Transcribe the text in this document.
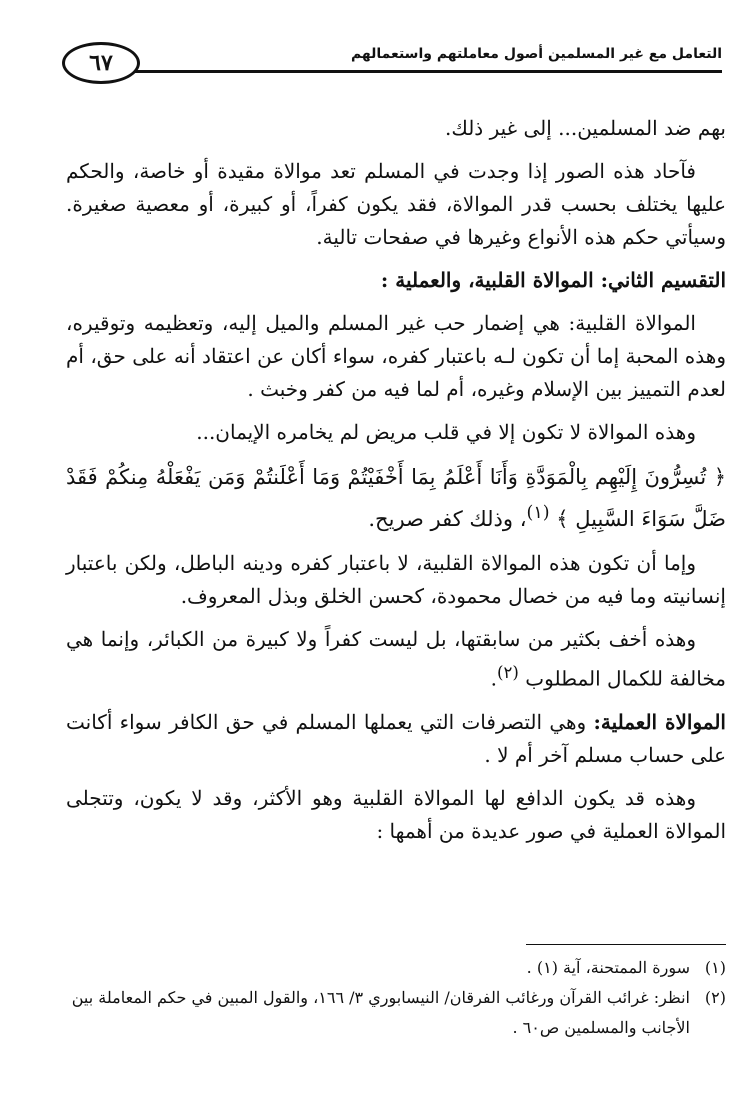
٦٧	التعامل مع غير المسلمين أصول معاملتهم واستعمالهم

بهم ضد المسلمين... إلى غير ذلك.

فآحاد هذه الصور إذا وجدت في المسلم تعد موالاة مقيدة أو خاصة، والحكم عليها يختلف بحسب قدر الموالاة، فقد يكون كفراً، أو كبيرة، أو معصية صغيرة. وسيأتي حكم هذه الأنواع وغيرها في صفحات تالية.

التقسيم الثاني: الموالاة القلبية، والعملية :

الموالاة القلبية: هي إضمار حب غير المسلم والميل إليه، وتعظيمه وتوقيره، وهذه المحبة إما أن تكون لـه باعتبار كفره، سواء أكان عن اعتقاد أنه على حق، أم لعدم التمييز بين الإسلام وغيره، أم لما فيه من كفر وخبث .

وهذه الموالاة لا تكون إلا في قلب مريض لم يخامره الإيمان...

﴿ تُسِرُّونَ إِلَيْهِم بِالْمَوَدَّةِ وَأَنَا أَعْلَمُ بِمَا أَخْفَيْتُمْ وَمَا أَعْلَنتُمْ وَمَن يَفْعَلْهُ مِنكُمْ فَقَدْ ضَلَّ سَوَاءَ السَّبِيلِ ﴾ $^{(١)}$، وذلك كفر صريح.

وإما أن تكون هذه الموالاة القلبية، لا باعتبار كفره ودينه الباطل، ولكن باعتبار إنسانيته وما فيه من خصال محمودة، كحسن الخلق وبذل المعروف.

وهذه أخف بكثير من سابقتها، بل ليست كفراً ولا كبيرة من الكبائر، وإنما هي مخالفة للكمال المطلوب $^{(٢)}$.

الموالاة العملية: وهي التصرفات التي يعملها المسلم في حق الكافر سواء أكانت على حساب مسلم آخر أم لا .

وهذه قد يكون الدافع لها الموالاة القلبية وهو الأكثر، وقد لا يكون، وتتجلى الموالاة العملية في صور عديدة من أهمها :

(١)سورة الممتحنة، آية (١) .

(٢)انظر: غرائب القرآن ورغائب الفرقان/ النيسابوري ٣/ ١٦٦، والقول المبين في حكم المعاملة بين

الأجانب والمسلمين ص٦٠ .
